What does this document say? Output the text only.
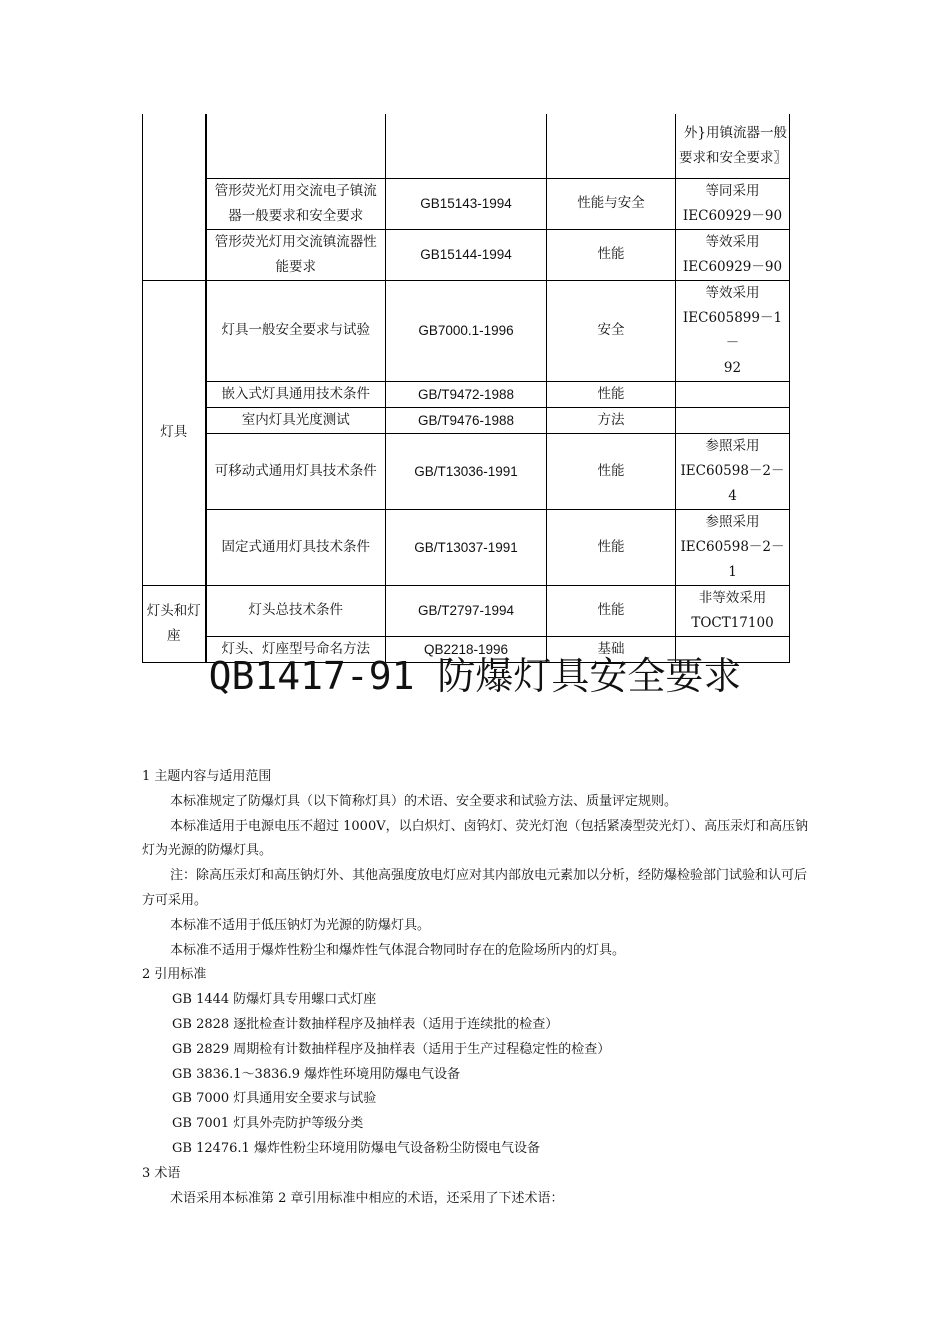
				外}用镇流器一般要求和安全要求〗
	管形荧光灯用交流电子镇流器一般要求和安全要求	GB15143-1994	性能与安全	等同采用
IEC60929－90

	管形荧光灯用交流镇流器性能要求	GB15144-1994	性能	等效采用
IEC60929－90

灯具	灯具一般安全要求与试验	GB7000.1-1996	安全	等效采用
IEC605899－1－
92

	嵌入式灯具通用技术条件	GB/T9472-1988	性能	
	室内灯具光度测试	GB/T9476-1988	方法	
	可移动式通用灯具技术条件	GB/T13036-1991	性能	参照采用
IEC60598－2－4

	固定式通用灯具技术条件	GB/T13037-1991	性能	参照采用
IEC60598－2－1

灯头和灯座	灯头总技术条件	GB/T2797-1994	性能	非等效采用
TOCT17100

	灯头、灯座型号命名方法	QB2218-1996	基础	
QB1417-91 防爆灯具安全要求

1 主题内容与适用范围

本标准规定了防爆灯具（以下简称灯具）的术语、安全要求和试验方法、质量评定规则。

本标准适用于电源电压不超过 1000V，以白炽灯、卤钨灯、荧光灯泡（包括紧凑型荧光灯）、高压汞灯和高压钠灯为光源的防爆灯具。

注：除高压汞灯和高压钠灯外、其他高强度放电灯应对其内部放电元素加以分析，经防爆检验部门试验和认可后方可采用。

本标准不适用于低压钠灯为光源的防爆灯具。

本标准不适用于爆炸性粉尘和爆炸性气体混合物同时存在的危险场所内的灯具。

2 引用标准

GB 1444 防爆灯具专用螺口式灯座

GB 2828 逐批检查计数抽样程序及抽样表（适用于连续批的检查）

GB 2829 周期检有计数抽样程序及抽样表（适用于生产过程稳定性的检查）

GB 3836.1～3836.9 爆炸性环境用防爆电气设备

GB 7000 灯具通用安全要求与试验

GB 7001 灯具外壳防护等级分类

GB 12476.1 爆炸性粉尘环境用防爆电气设备粉尘防惙电气设备

3 术语

术语采用本标准第 2 章引用标准中相应的术语，还采用了下述术语：
